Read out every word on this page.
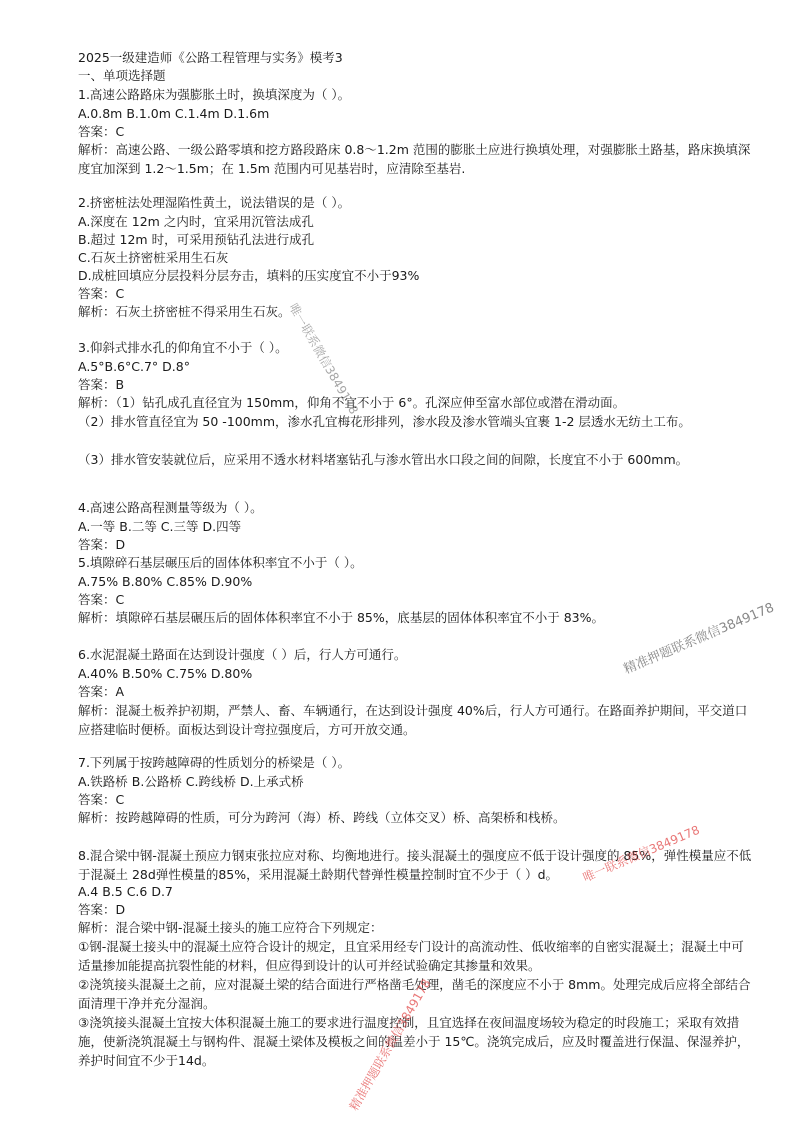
2025一级建造师《公路工程管理与实务》模考3
一、单项选择题
1.高速公路路床为强膨胀土时，换填深度为（ ）。
A.0.8m B.1.0m C.1.4m D.1.6m
答案：C
解析：高速公路、一级公路零填和挖方路段路床 0.8～1.2m 范围的膨胀土应进行换填处理，对强膨胀土路基，路床换填深度宜加深到 1.2～1.5m；在 1.5m 范围内可见基岩时，应清除至基岩.
2.挤密桩法处理湿陷性黄土，说法错误的是（ ）。
A.深度在 12m 之内时，宜采用沉管法成孔
B.超过 12m 时，可采用预钻孔法进行成孔
C.石灰土挤密桩采用生石灰
D.成桩回填应分层投料分层夯击，填料的压实度宜不小于93%
答案：C
解析：石灰土挤密桩不得采用生石灰。
3.仰斜式排水孔的仰角宜不小于（ ）。
A.5°B.6°C.7° D.8°
答案：B
解析：（1）钻孔成孔直径宜为 150mm，仰角不宜不小于 6°。孔深应伸至富水部位或潜在滑动面。
（2）排水管直径宜为 50 -100mm，渗水孔宜梅花形排列，渗水段及渗水管端头宜裹 1-2 层透水无纺土工布。
（3）排水管安装就位后，应采用不透水材料堵塞钻孔与渗水管出水口段之间的间隙，长度宜不小于 600mm。
4.高速公路高程测量等级为（ ）。
A.一等 B.二等 C.三等 D.四等
答案：D
5.填隙碎石基层碾压后的固体体积率宜不小于（ ）。
A.75% B.80% C.85% D.90%
答案：C
解析：填隙碎石基层碾压后的固体体积率宜不小于 85%，底基层的固体体积率宜不小于 83%。
6.水泥混凝土路面在达到设计强度（ ）后，行人方可通行。
A.40% B.50% C.75% D.80%
答案：A
解析：混凝土板养护初期，严禁人、畜、车辆通行，在达到设计强度 40%后，行人方可通行。在路面养护期间，平交道口应搭建临时便桥。面板达到设计弯拉强度后，方可开放交通。
7.下列属于按跨越障碍的性质划分的桥梁是（ ）。
A.铁路桥 B.公路桥 C.跨线桥 D.上承式桥
答案：C
解析：按跨越障碍的性质，可分为跨河（海）桥、跨线（立体交叉）桥、高架桥和栈桥。
8.混合梁中钢-混凝土预应力钢束张拉应对称、均衡地进行。接头混凝土的强度应不低于设计强度的 85%，弹性模量应不低于混凝土 28d弹性模量的85%，采用混凝土龄期代替弹性模量控制时宜不少于（ ）d。
A.4 B.5 C.6 D.7
答案：D
解析：混合梁中钢-混凝土接头的施工应符合下列规定：
①钢-混凝土接头中的混凝土应符合设计的规定，且宜采用经专门设计的高流动性、低收缩率的自密实混凝土；混凝土中可适量掺加能提高抗裂性能的材料，但应得到设计的认可并经试验确定其掺量和效果。
②浇筑接头混凝土之前，应对混凝土梁的结合面进行严格凿毛处理，凿毛的深度应不小于 8mm。处理完成后应将全部结合面清理干净并充分湿润。
③浇筑接头混凝土宜按大体积混凝土施工的要求进行温度控制，且宜选择在夜间温度场较为稳定的时段施工；采取有效措施，使新浇筑混凝土与钢构件、混凝土梁体及模板之间的温差小于 15℃。浇筑完成后，应及时覆盖进行保温、保湿养护，养护时间宜不少于14d。
唯一联系微信3849178
精准押题联系微信3849178
唯一联系微信3849178
精准押题联系微信3849178
